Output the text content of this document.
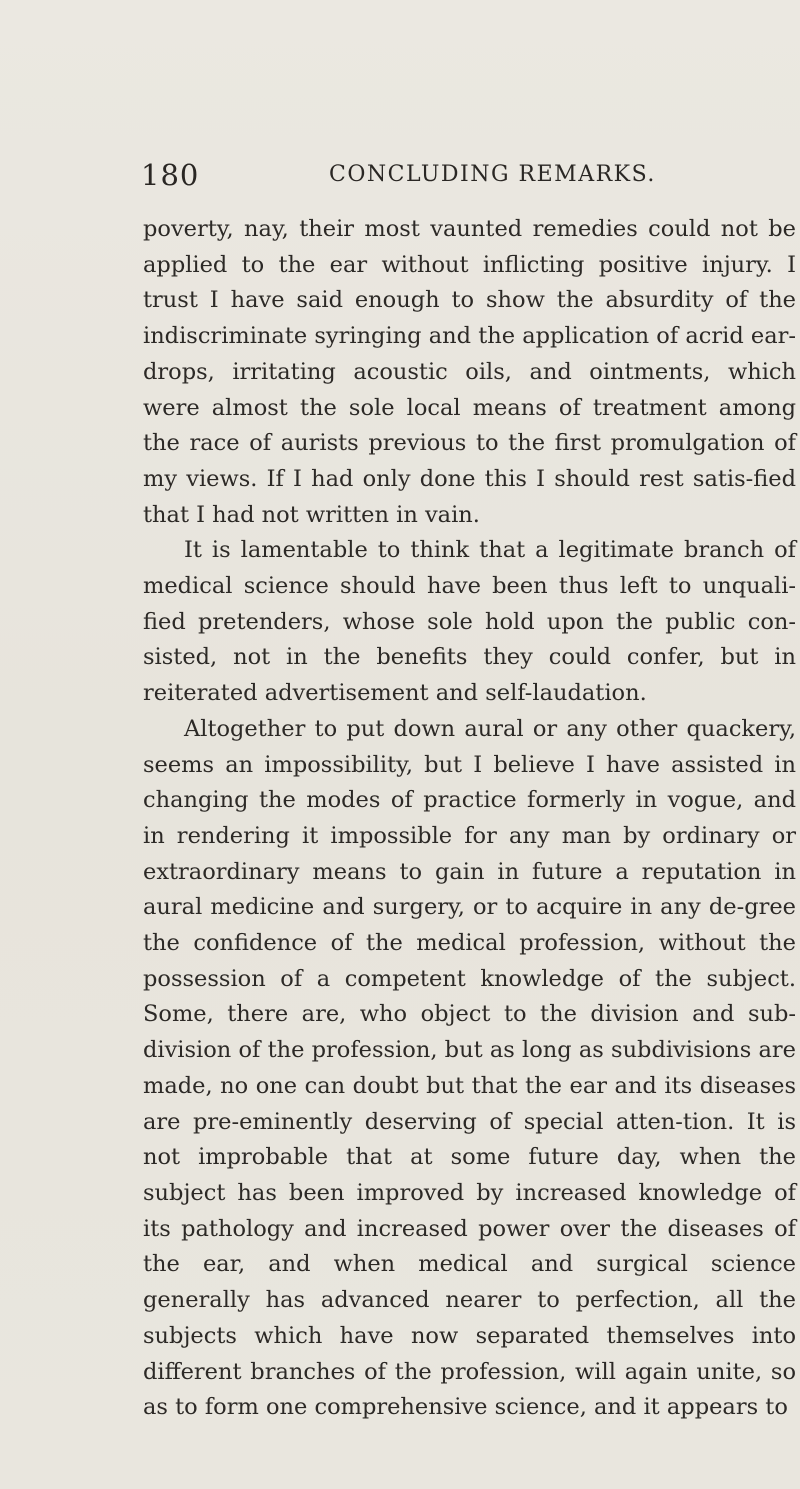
180	CONCLUDING REMARKS.

poverty, nay, their most vaunted remedies could not be applied to the ear without inflicting positive injury. I trust I have said enough to show the absurdity of the indiscriminate syringing and the application of acrid ear-drops, irritating acoustic oils, and ointments, which were almost the sole local means of treatment among the race of aurists previous to the first promulgation of my views. If I had only done this I should rest satis-fied that I had not written in vain.

It is lamentable to think that a legitimate branch of medical science should have been thus left to unquali-fied pretenders, whose sole hold upon the public con-sisted, not in the benefits they could confer, but in reiterated advertisement and self-laudation.

Altogether to put down aural or any other quackery, seems an impossibility, but I believe I have assisted in changing the modes of practice formerly in vogue, and in rendering it impossible for any man by ordinary or extraordinary means to gain in future a reputation in aural medicine and surgery, or to acquire in any de-gree the confidence of the medical profession, without the possession of a competent knowledge of the subject. Some, there are, who object to the division and sub-division of the profession, but as long as subdivisions are made, no one can doubt but that the ear and its diseases are pre-eminently deserving of special atten-tion. It is not improbable that at some future day, when the subject has been improved by increased knowledge of its pathology and increased power over the diseases of the ear, and when medical and surgical science generally has advanced nearer to perfection, all the subjects which have now separated themselves into different branches of the profession, will again unite, so as to form one comprehensive science, and it appears to
